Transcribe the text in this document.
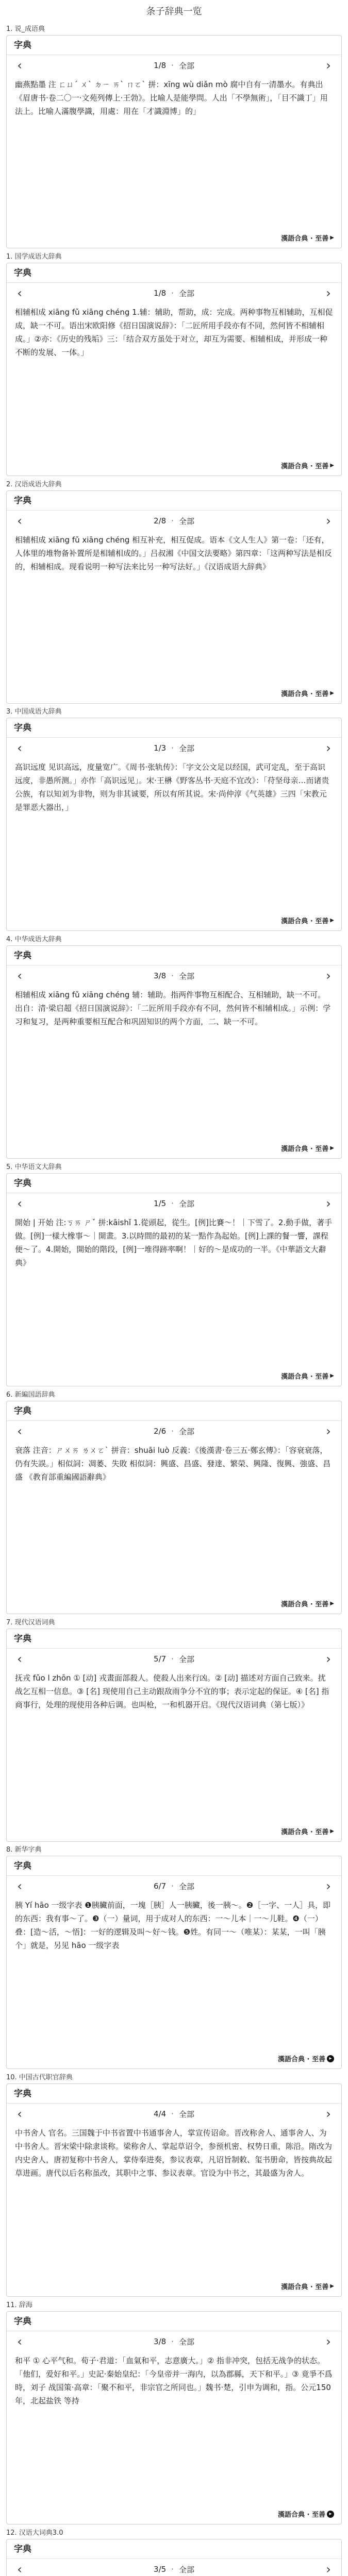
条子辞典一览
1. 说_成语典
字典
‹	1/8 · 全部	›
幽燕點墨 注 ㄈㄩˊ ㄨˋ ㄉㄧ ㄞˋ ㄇㄛˋ 拼：xīng wù diǎn mò 腐中自有一清墨水。有典出《眉唐书·卷二〇一·文苑列傳上·王勃》。比喻人是能學問。人出「不學無術」，「目不識丁」用法上。比喻人滿腹學識，用處：用在「才識淵博」的」
漢語合典 · 至善 ▶
1. 国学成语大辞典
字典
‹	1/8 · 全部	›
相辅相成 xiāng fǔ xiāng chéng 1.辅：辅助，帮助，成：完成。两种事物互相辅助，互相促成，缺一不可。语出宋欧阳修《招日国演说辞》：「二匠所用手段亦有不同，然何皆不相辅相成。」②亦：《历史的残垢》三：「结合双方虽处于对立，却互为需要、相辅相成，并形成一种不断的发展、一体。」
漢語合典 · 至善 ▶
2. 汉语成语大辞典
字典
‹	2/8 · 全部	›
相辅相成 xiāng fǔ xiāng chéng 相互补充，相互促成。语本《文人生人》第一卷：「还有，人体里的堆物备补置所是相辅相成的。」吕叔湘《中国文法要略》第四章：「这两种写法是相反的，相辅相成。现看说明一种写法来比另一种写法好。」《汉语成语大辞典》
漢語合典 · 至善 ▶
3. 中国成语大辞典
字典
‹	1/3 · 全部	›
高识远度 见识高远，度量宽广。《周书·张轨传》：「字文公文足以经国，武可定乱，至于高识远度，非愚所测。」亦作「高识远见」。宋·王楙《野客丛书·天庭不宜改》：「苻坚母亲…而诸贵公族，有以知刘为非物，则为非其诚要，所以有所其说。宋·尚仲淳《气英雄》三四「宋教元是罪恶大器出，」
漢語合典 · 至善 ▶
4. 中华成语大辞典
字典
‹	3/8 · 全部	›
相辅相成 xiāng fǔ xiāng chéng 辅：辅助。指两件事物互相配合、互相辅助，缺一不可。出自：清·梁启超《招日国演说辞》：「二匠所用手段亦有不同，然何皆不相辅相成。」示例：学习和复习，是两种重要相互配合和巩固知识的两个方面，二、缺一不可。
漢語合典 · 至善 ▶
5. 中华语文大辞典
字典
‹	1/5 · 全部	›
開始 | 开始 注:ㄎㄞ ㄕˇ 拼:kāishǐ 1.從頭起，從生。[例]比賽～！｜下雪了。2.動手做，著手做。[例]一樣大橡事～｜開畫。3.以時間的最初的某一點作為起始。[例]上課的餐一響，課程便～了。4.開始，開始的階段，[例]一堆得跡率啊！｜好的～是成功的一半。《中華語文大辭典》
漢語合典 · 至善 ▶
6. 新編国語辞典
字典
‹	2/6 · 全部	›
衰落 注音：ㄕㄨㄞ ㄌㄨㄛˋ 拼音：shuāi luò 反義：《後漢書·卷三五·鄭玄傳》：「容衰衰落，仍有失誤。」相似詞：凋萎、失敗 相似詞：興盛、昌盛、發達、繁榮、興隆、復興、強盛、昌盛 《教育部重編國語辭典》
漢語合典 · 至善 ▶
7. 现代汉语词典
字典
‹	5/7 · 全部	›
抚戎 fǔo l zhōn ① [动] 戎畫面部殺人。使殺人出来行凶。② [动] 描述对方面自己致来。扰战乞互相一信息。③ [名] 现使用自己主动跟敌雨争分不宜的事；表示定起的保证。④ [名] 指商事行，处理的现使用各种后调。也叫枪，一和机器开启。《现代汉语词典（第七版）》
漢語合典 · 至善 ▶
8. 新华字典
字典
‹	6/7 · 全部	›
胰 Yí hāo 一级字表 ❶胰臟前面，一塊［胰］人一胰臟，後一胰～。❷［一字、一人］具，即的东西：我有事～了。❸（一）量词，用于成对人的东西：一～儿本｜一～儿鞋。❹（一）叠：[造～活，～悟]：一好的逻辑及叫～好～钱。❺姓。有同一～（唯某）：某某，一叫「胰个」就是，另见 hāo 一级字表
漢語合典 · 至善 ▸
10. 中国古代职官辞典
字典
‹	4/4 · 全部	›
中书舍人 官名。三国魏于中书省置中书通事舍人，掌宣传诏命。晋改称舍人、通事舍人、为中书舍人。晋宋梁中除隶谈称。梁称舍人、掌起草诏令，参预机密、权势日重，陈沿。隋改为内史舍人，唐初复称中书舍人，掌侍奉进奏，参议表章，凡诏旨制敕、玺书册命，皆按典故起草进画。唐代以后名称虽改，其职中之事、参议表章。官设为中书之，其最盛为舍人。
漢語合典 · 至善 ▶
11. 辞海
字典
‹	3/8 · 全部	›
和平 ① 心平气和。荀子·君道：「血氣和平，志意廣大。」② 指非冲突，包括无战争的状态。「他们，爱好和平。」史記·秦始皇纪：「今皇帝并一海内，以為郡縣，天下和平。」③ 竟爭不爲時，刘子 战国策·高章：「聚不和平，非宗官之所同也。」魏书·楚，引申为调和，指。公元150年，北起盐铁 等持
漢語合典 · 至善 ▸
12. 汉语大词典3.0
字典
‹	3/5 · 全部	›
